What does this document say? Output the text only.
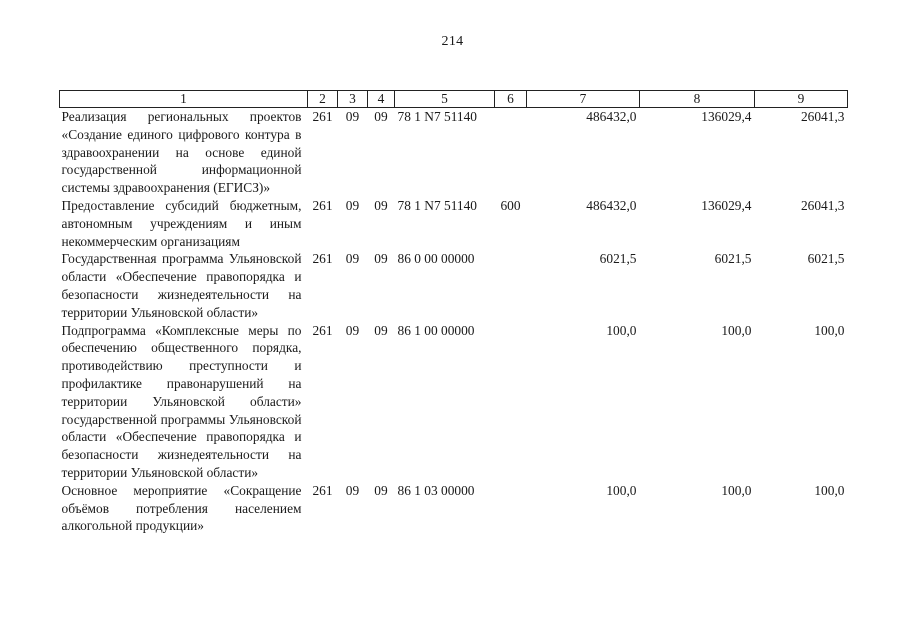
214
1	2	3	4	5	6	7	8	9
Реализация региональных проектов «Создание единого цифрового контура в здравоохранении на основе единой государственной информационной системы здравоохранения (ЕГИСЗ)»	261	09	09	78 1 N7 51140		486432,0	136029,4	26041,3
Предоставление субсидий бюджетным, автономным учреждениям и иным некоммерческим организациям	261	09	09	78 1 N7 51140	600	486432,0	136029,4	26041,3
Государственная программа Ульяновской области «Обеспечение правопорядка и безопасности жизнедеятельности на территории Ульяновской области»	261	09	09	86 0 00 00000		6021,5	6021,5	6021,5
Подпрограмма «Комплексные меры по обеспечению общественного порядка, противодействию преступности и профилактике правонарушений на территории Ульяновской области» государственной программы Ульяновской области «Обеспечение правопорядка и безопасности жизнедеятельности на территории Ульяновской области»	261	09	09	86 1 00 00000		100,0	100,0	100,0
Основное мероприятие «Сокращение объёмов потребления населением алкогольной продукции»	261	09	09	86 1 03 00000		100,0	100,0	100,0
